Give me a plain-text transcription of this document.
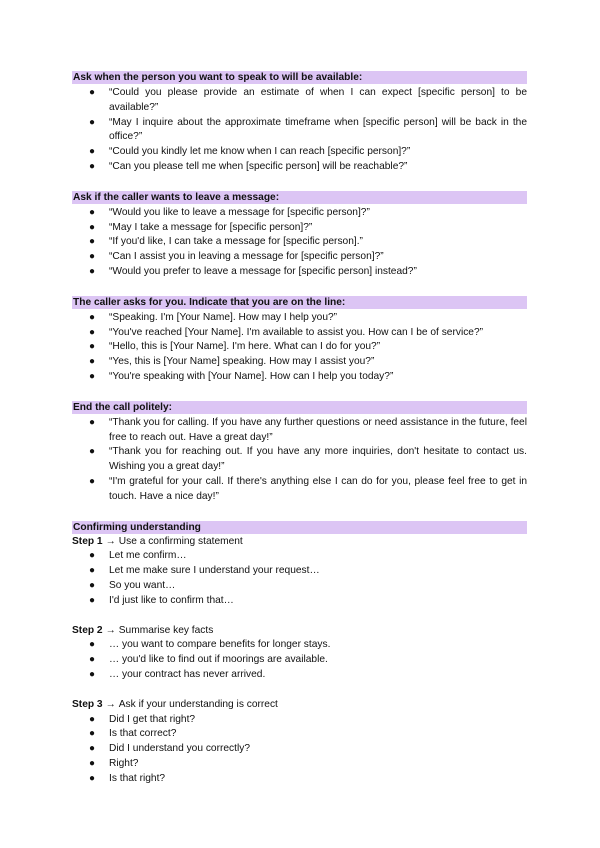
Ask when the person you want to speak to will be available:
● “Could you please provide an estimate of when I can expect [specific person] to be available?”
● “May I inquire about the approximate timeframe when [specific person] will be back in the office?”
● “Could you kindly let me know when I can reach [specific person]?”
● “Can you please tell me when [specific person] will be reachable?”
Ask if the caller wants to leave a message:
● “Would you like to leave a message for [specific person]?”
● “May I take a message for [specific person]?”
● “If you'd like, I can take a message for [specific person].”
● “Can I assist you in leaving a message for [specific person]?”
● “Would you prefer to leave a message for [specific person] instead?”
The caller asks for you. Indicate that you are on the line:
● “Speaking. I'm [Your Name]. How may I help you?”
● “You've reached [Your Name]. I'm available to assist you. How can I be of service?”
● “Hello, this is [Your Name]. I'm here. What can I do for you?”
● “Yes, this is [Your Name] speaking. How may I assist you?”
● “You're speaking with [Your Name]. How can I help you today?”
End the call politely:
● “Thank you for calling. If you have any further questions or need assistance in the future, feel free to reach out. Have a great day!”
● “Thank you for reaching out. If you have any more inquiries, don't hesitate to contact us. Wishing you a great day!”
● “I'm grateful for your call. If there's anything else I can do for you, please feel free to get in touch. Have a nice day!”
Confirming understanding
Step 1 → Use a confirming statement
● Let me confirm…
● Let me make sure I understand your request…
● So you want…
● I'd just like to confirm that…
Step 2 → Summarise key facts
● … you want to compare benefits for longer stays.
● … you'd like to find out if moorings are available.
● … your contract has never arrived.
Step 3 → Ask if your understanding is correct
● Did I get that right?
● Is that correct?
● Did I understand you correctly?
● Right?
● Is that right?
